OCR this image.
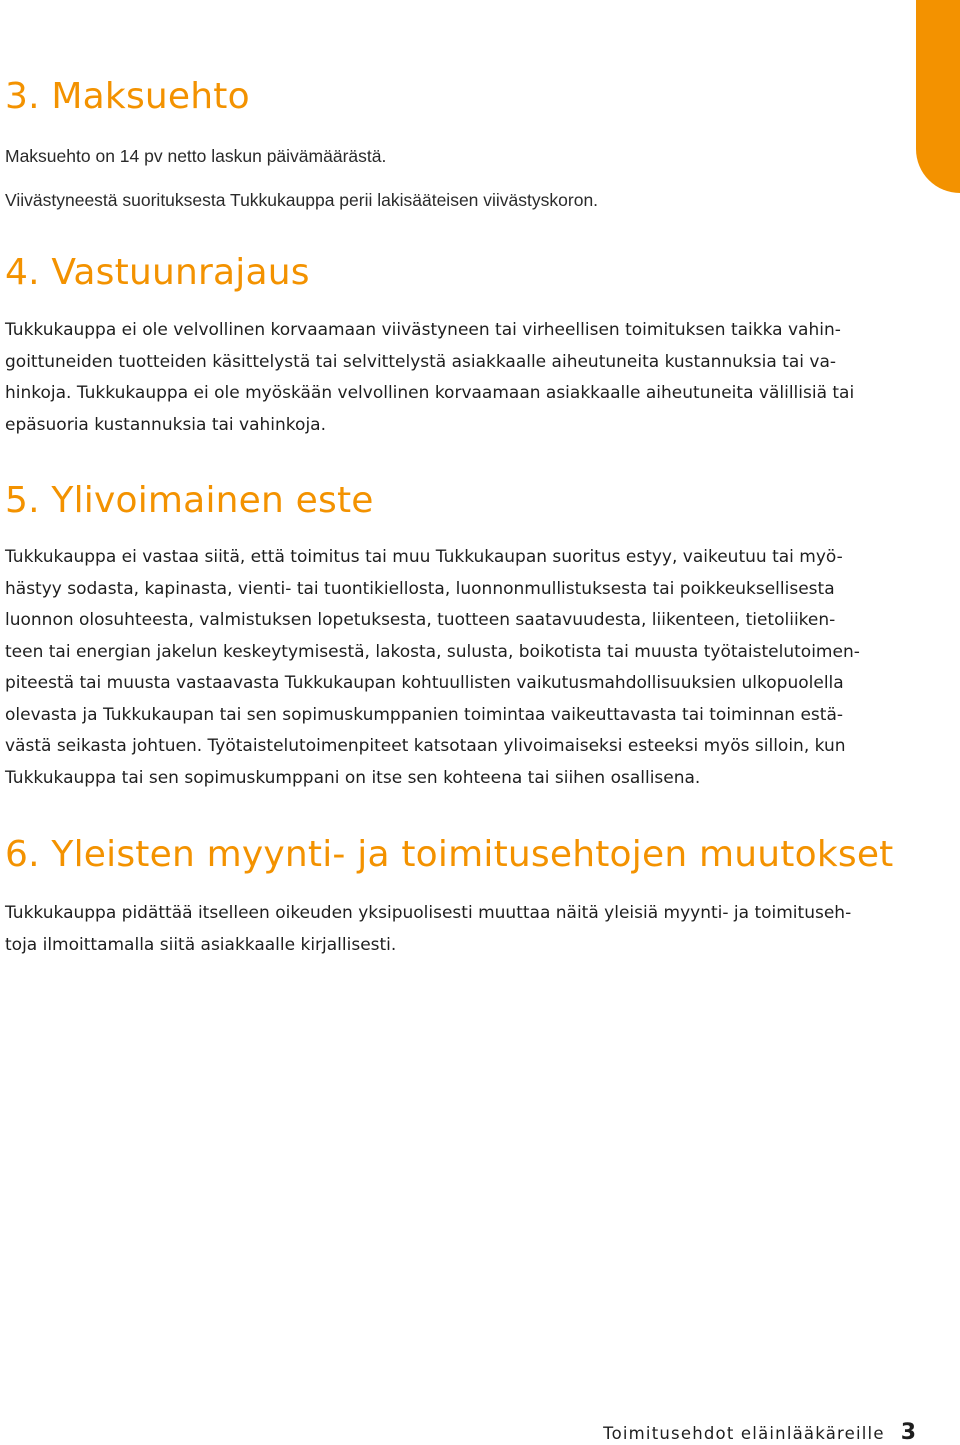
3. Maksuehto

Maksuehto on 14 pv netto laskun päivämäärästä.

Viivästyneestä suorituksesta Tukkukauppa perii lakisääteisen viivästyskoron.

4. Vastuunrajaus

Tukkukauppa ei ole velvollinen korvaamaan viivästyneen tai virheellisen toimituksen taikka vahin-
goittuneiden tuotteiden käsittelystä tai selvittelystä asiakkaalle aiheutuneita kustannuksia tai va-
hinkoja. Tukkukauppa ei ole myöskään velvollinen korvaamaan asiakkaalle aiheutuneita välillisiä tai
epäsuoria kustannuksia tai vahinkoja.

5. Ylivoimainen este

Tukkukauppa ei vastaa siitä, että toimitus tai muu Tukkukaupan suoritus estyy, vaikeutuu tai myö-
hästyy sodasta, kapinasta, vienti- tai tuontikiellosta, luonnonmullistuksesta tai poikkeuksellisesta
luonnon olosuhteesta, valmistuksen lopetuksesta, tuotteen saatavuudesta, liikenteen, tietoliiken-
teen tai energian jakelun keskeytymisestä, lakosta, sulusta, boikotista tai muusta työtaistelutoimen-
piteestä tai muusta vastaavasta Tukkukaupan kohtuullisten vaikutusmahdollisuuksien ulkopuolella
olevasta ja Tukkukaupan tai sen sopimuskumppanien toimintaa vaikeuttavasta tai toiminnan estä-
västä seikasta johtuen. Työtaistelutoimenpiteet katsotaan ylivoimaiseksi esteeksi myös silloin, kun
Tukkukauppa tai sen sopimuskumppani on itse sen kohteena tai siihen osallisena.

6. Yleisten myynti- ja toimitusehtojen muutokset

Tukkukauppa pidättää itselleen oikeuden yksipuolisesti muuttaa näitä yleisiä myynti- ja toimituseh-
toja ilmoittamalla siitä asiakkaalle kirjallisesti.

Toimitusehdot eläinlääkäreille 3
